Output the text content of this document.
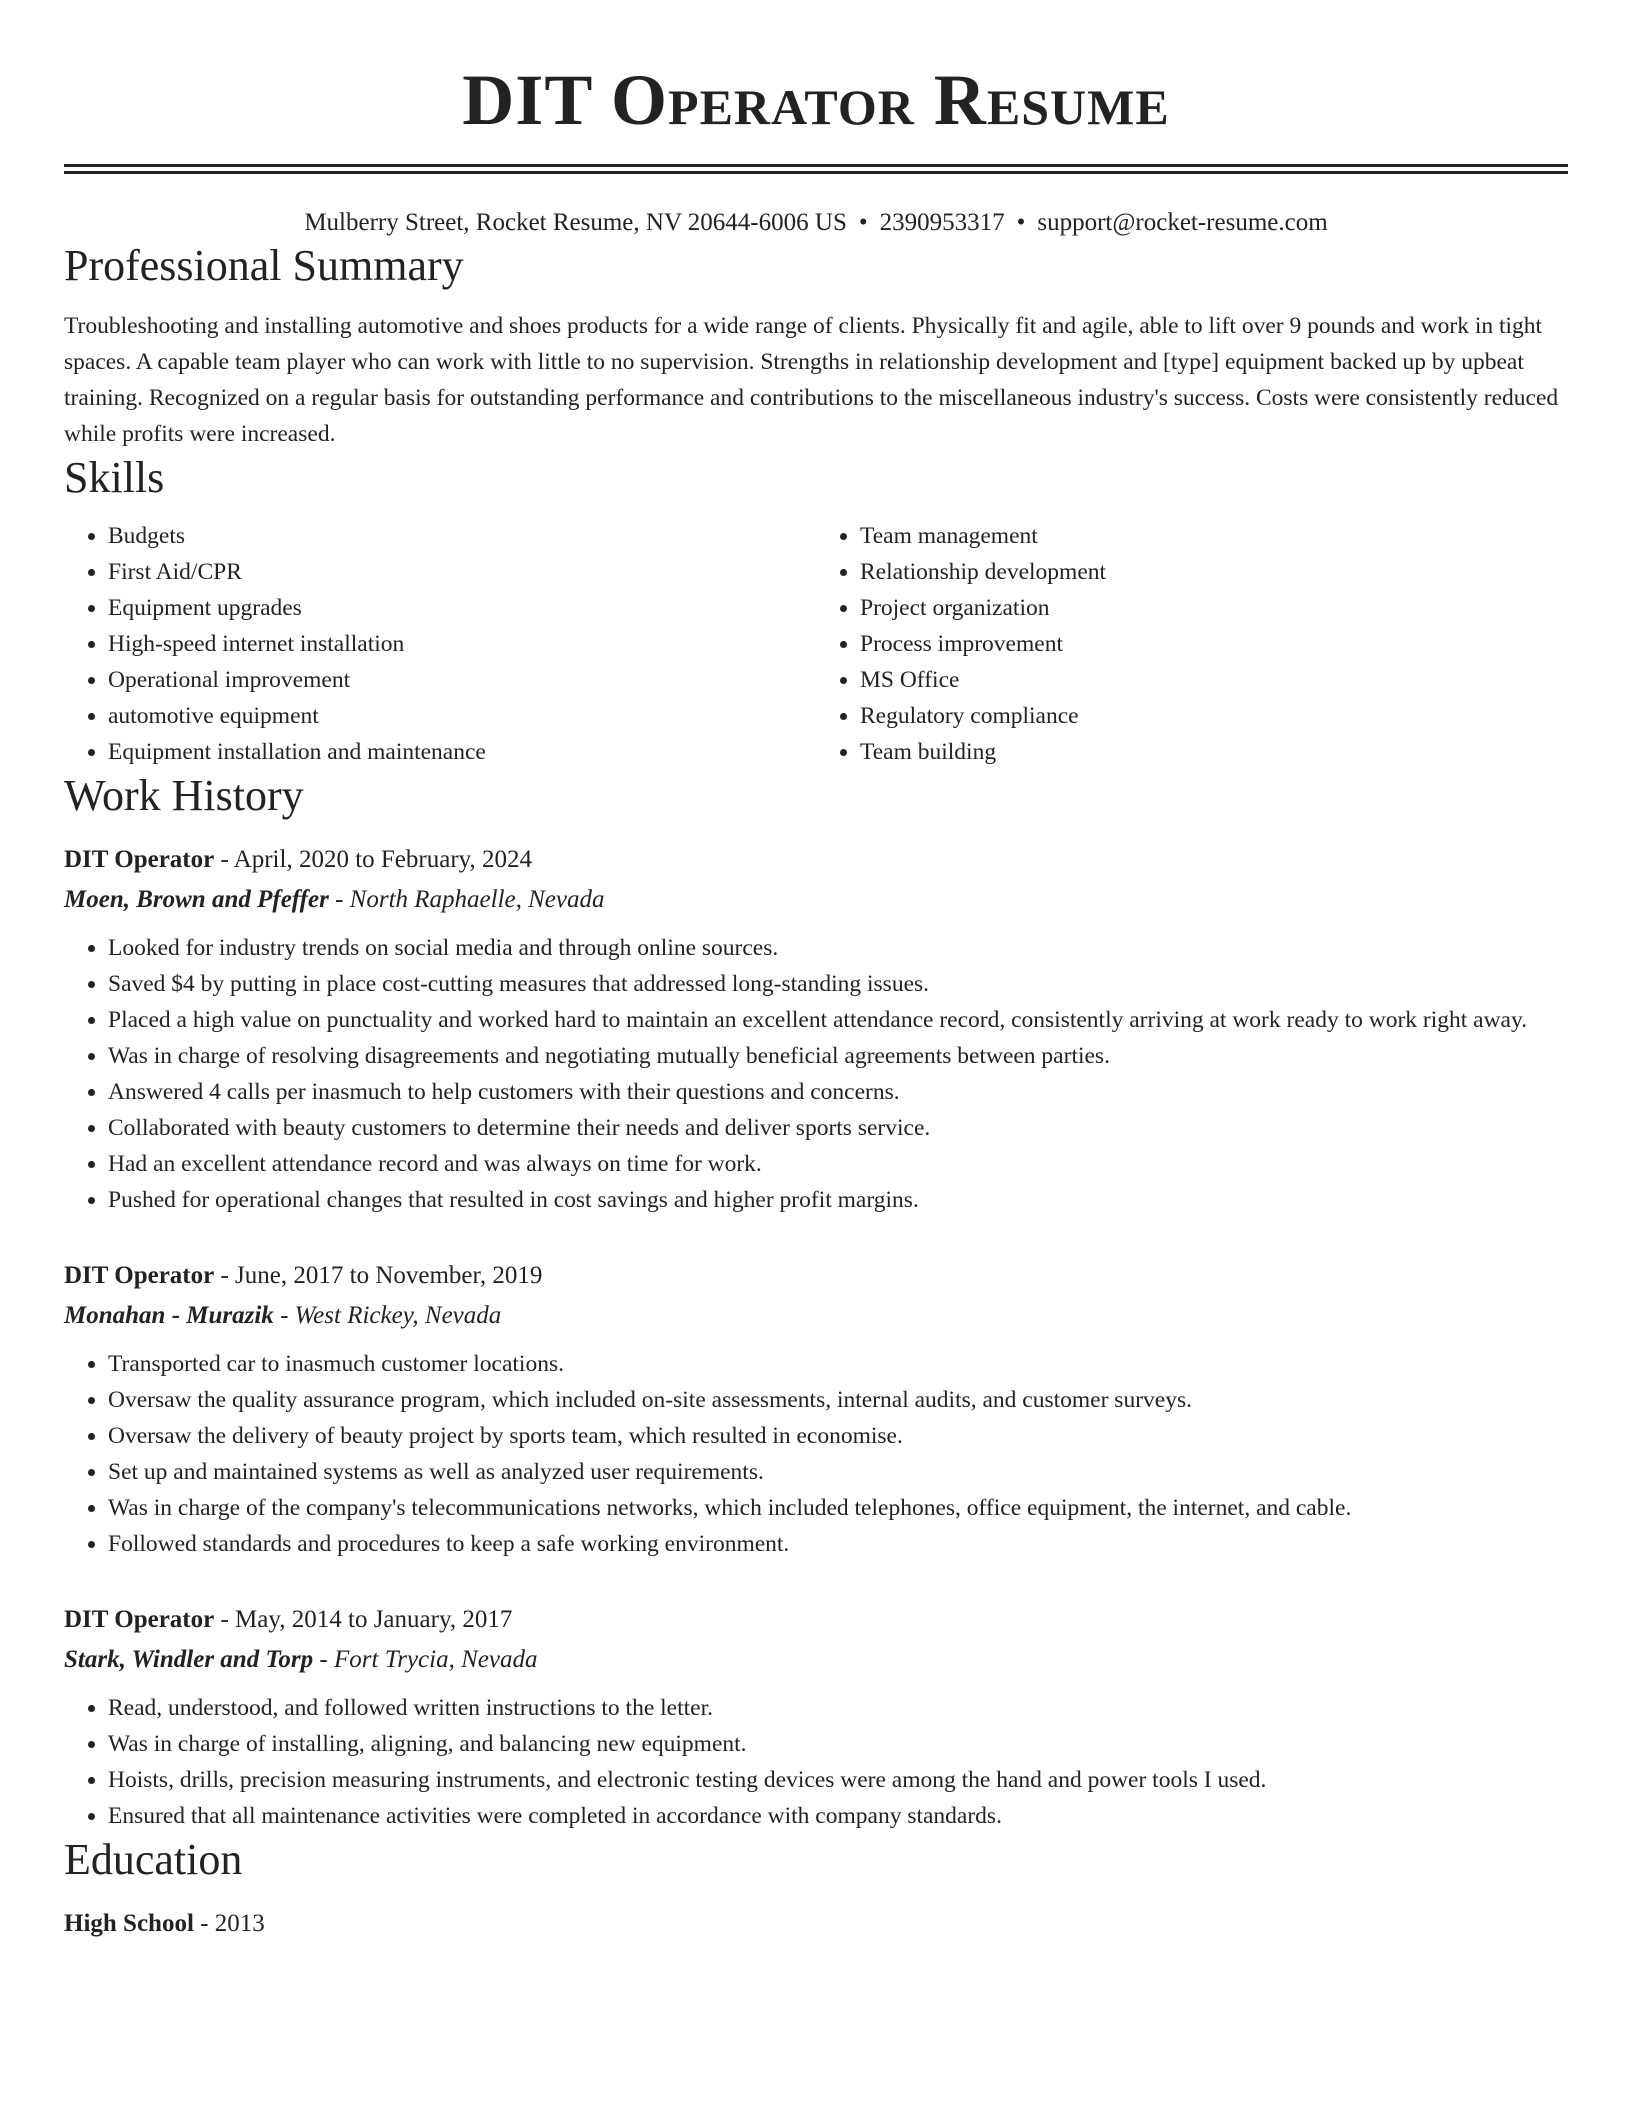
DIT Operator Resume
Mulberry Street, Rocket Resume, NV 20644-6006 US • 2390953317 • support@rocket-resume.com
Professional Summary

Troubleshooting and installing automotive and shoes products for a wide range of clients. Physically fit and agile, able to lift over 9 pounds and work in tight spaces. A capable team player who can work with little to no supervision. Strengths in relationship development and [type] equipment backed up by upbeat training. Recognized on a regular basis for outstanding performance and contributions to the miscellaneous industry's success. Costs were consistently reduced while profits were increased.

Skills
• Budgets
• First Aid/CPR
• Equipment upgrades
• High-speed internet installation
• Operational improvement
• automotive equipment
• Equipment installation and maintenance
• Team management
• Relationship development
• Project organization
• Process improvement
• MS Office
• Regulatory compliance
• Team building
Work History
DIT Operator - April, 2020 to February, 2024
Moen, Brown and Pfeffer - North Raphaelle, Nevada
• Looked for industry trends on social media and through online sources.
• Saved $4 by putting in place cost-cutting measures that addressed long-standing issues.
• Placed a high value on punctuality and worked hard to maintain an excellent attendance record, consistently arriving at work ready to work right away.
• Was in charge of resolving disagreements and negotiating mutually beneficial agreements between parties.
• Answered 4 calls per inasmuch to help customers with their questions and concerns.
• Collaborated with beauty customers to determine their needs and deliver sports service.
• Had an excellent attendance record and was always on time for work.
• Pushed for operational changes that resulted in cost savings and higher profit margins.
DIT Operator - June, 2017 to November, 2019
Monahan - Murazik - West Rickey, Nevada
• Transported car to inasmuch customer locations.
• Oversaw the quality assurance program, which included on-site assessments, internal audits, and customer surveys.
• Oversaw the delivery of beauty project by sports team, which resulted in economise.
• Set up and maintained systems as well as analyzed user requirements.
• Was in charge of the company's telecommunications networks, which included telephones, office equipment, the internet, and cable.
• Followed standards and procedures to keep a safe working environment.
DIT Operator - May, 2014 to January, 2017
Stark, Windler and Torp - Fort Trycia, Nevada
• Read, understood, and followed written instructions to the letter.
• Was in charge of installing, aligning, and balancing new equipment.
• Hoists, drills, precision measuring instruments, and electronic testing devices were among the hand and power tools I used.
• Ensured that all maintenance activities were completed in accordance with company standards.
Education
High School - 2013
